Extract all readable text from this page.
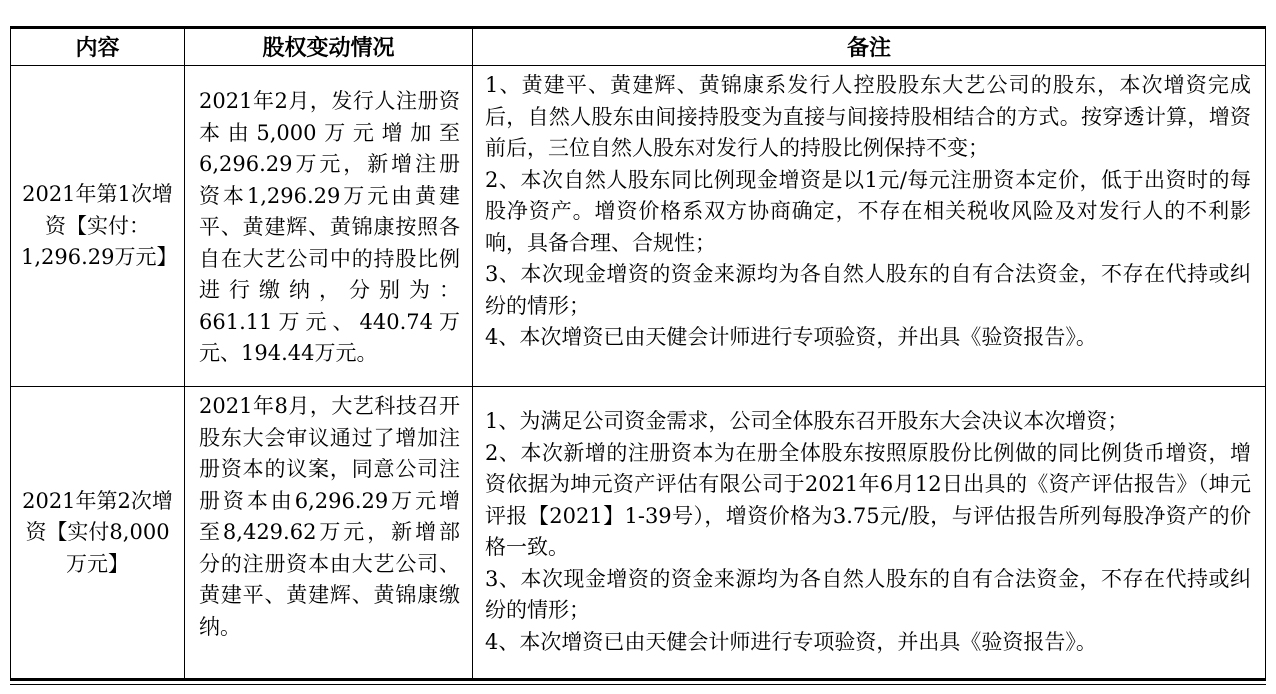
内容	股权变动情况	备注
2021年第1次增资【实付：1,296.29万元】

2021年2月，发行人注册资本由5,000万元增加至6,296.29万元，新增注册资本1,296.29万元由黄建平、黄建辉、黄锦康按照各自在大艺公司中的持股比例进行缴纳，分别为：661.11万元、440.74万元、194.44万元。

1、黄建平、黄建辉、黄锦康系发行人控股股东大艺公司的股东，本次增资完成后，自然人股东由间接持股变为直接与间接持股相结合的方式。按穿透计算，增资前后，三位自然人股东对发行人的持股比例保持不变；

2、本次自然人股东同比例现金增资是以1元/每元注册资本定价，低于出资时的每股净资产。增资价格系双方协商确定，不存在相关税收风险及对发行人的不利影响，具备合理、合规性；

3、本次现金增资的资金来源均为各自然人股东的自有合法资金，不存在代持或纠纷的情形；

4、本次增资已由天健会计师进行专项验资，并出具《验资报告》。

2021年第2次增资【实付8,000万元】

2021年8月，大艺科技召开股东大会审议通过了增加注册资本的议案，同意公司注册资本由6,296.29万元增至8,429.62万元，新增部分的注册资本由大艺公司、黄建平、黄建辉、黄锦康缴纳。

1、为满足公司资金需求，公司全体股东召开股东大会决议本次增资；

2、本次新增的注册资本为在册全体股东按照原股份比例做的同比例货币增资，增资依据为坤元资产评估有限公司于2021年6月12日出具的《资产评估报告》（坤元评报【2021】1-39号），增资价格为3.75元/股，与评估报告所列每股净资产的价格一致。

3、本次现金增资的资金来源均为各自然人股东的自有合法资金，不存在代持或纠纷的情形；

4、本次增资已由天健会计师进行专项验资，并出具《验资报告》。
